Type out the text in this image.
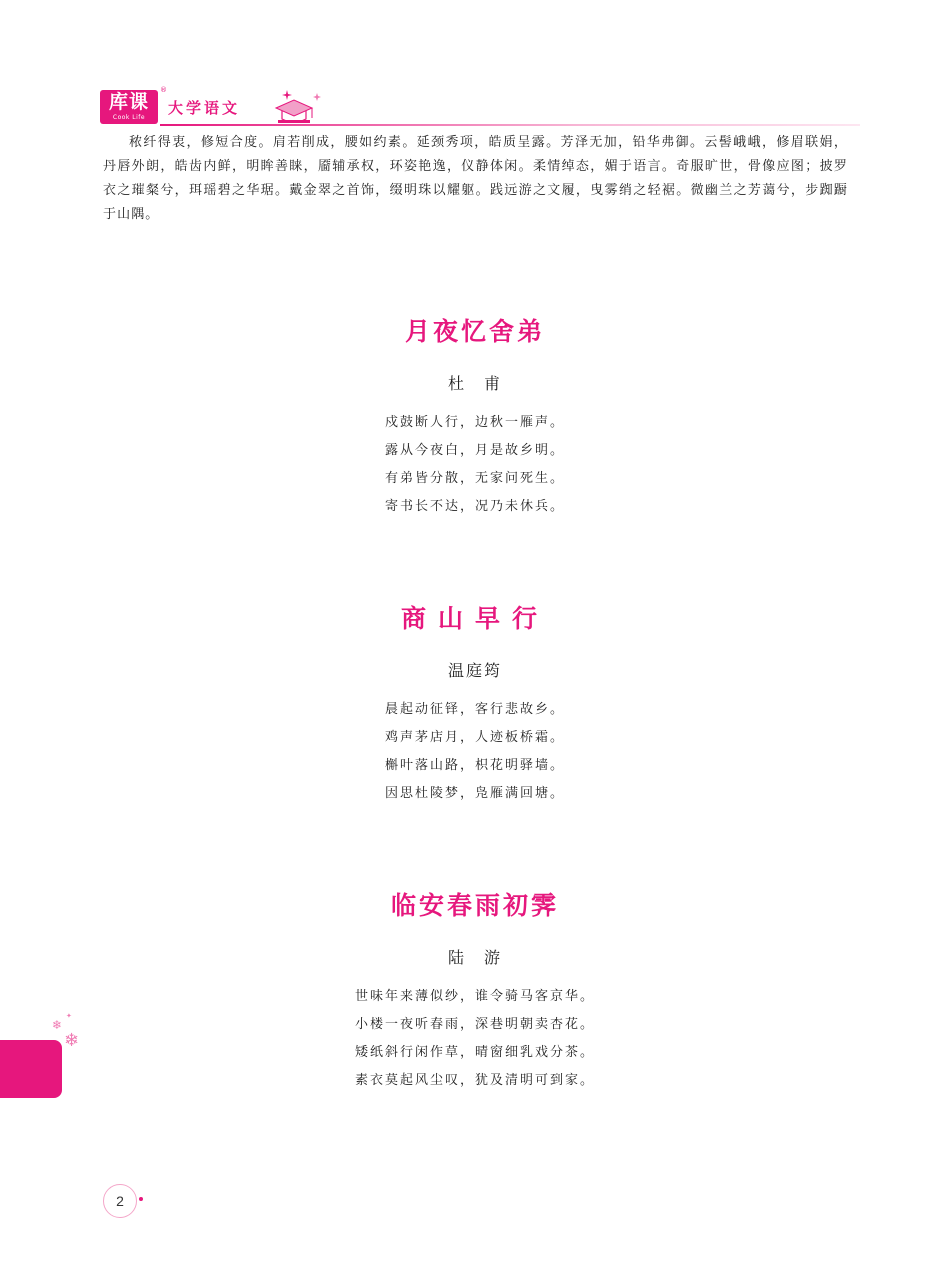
库课
Cook Life
®
大学语文

秾纤得衷，修短合度。肩若削成，腰如约素。延颈秀项，皓质呈露。芳泽无加，铅华弗御。云髻峨峨，修眉联娟，丹唇外朗，皓齿内鲜，明眸善睐，靥辅承权，环姿艳逸，仪静体闲。柔情绰态，媚于语言。奇服旷世，骨像应图；披罗衣之璀粲兮，珥瑶碧之华琚。戴金翠之首饰，缀明珠以耀躯。践远游之文履，曳雾绡之轻裾。微幽兰之芳蔼兮，步踟蹰于山隅。

月夜忆舍弟
杜　甫
戍鼓断人行，边秋一雁声。
露从今夜白，月是故乡明。
有弟皆分散，无家问死生。
寄书长不达，况乃未休兵。
商山早行
温庭筠
晨起动征铎，客行悲故乡。
鸡声茅店月，人迹板桥霜。
槲叶落山路，枳花明驿墙。
因思杜陵梦，凫雁满回塘。
临安春雨初霁
陆　游
世味年来薄似纱，谁令骑马客京华。
小楼一夜听春雨，深巷明朝卖杏花。
矮纸斜行闲作草，晴窗细乳戏分茶。
素衣莫起风尘叹，犹及清明可到家。
❄
❄
✦
2
